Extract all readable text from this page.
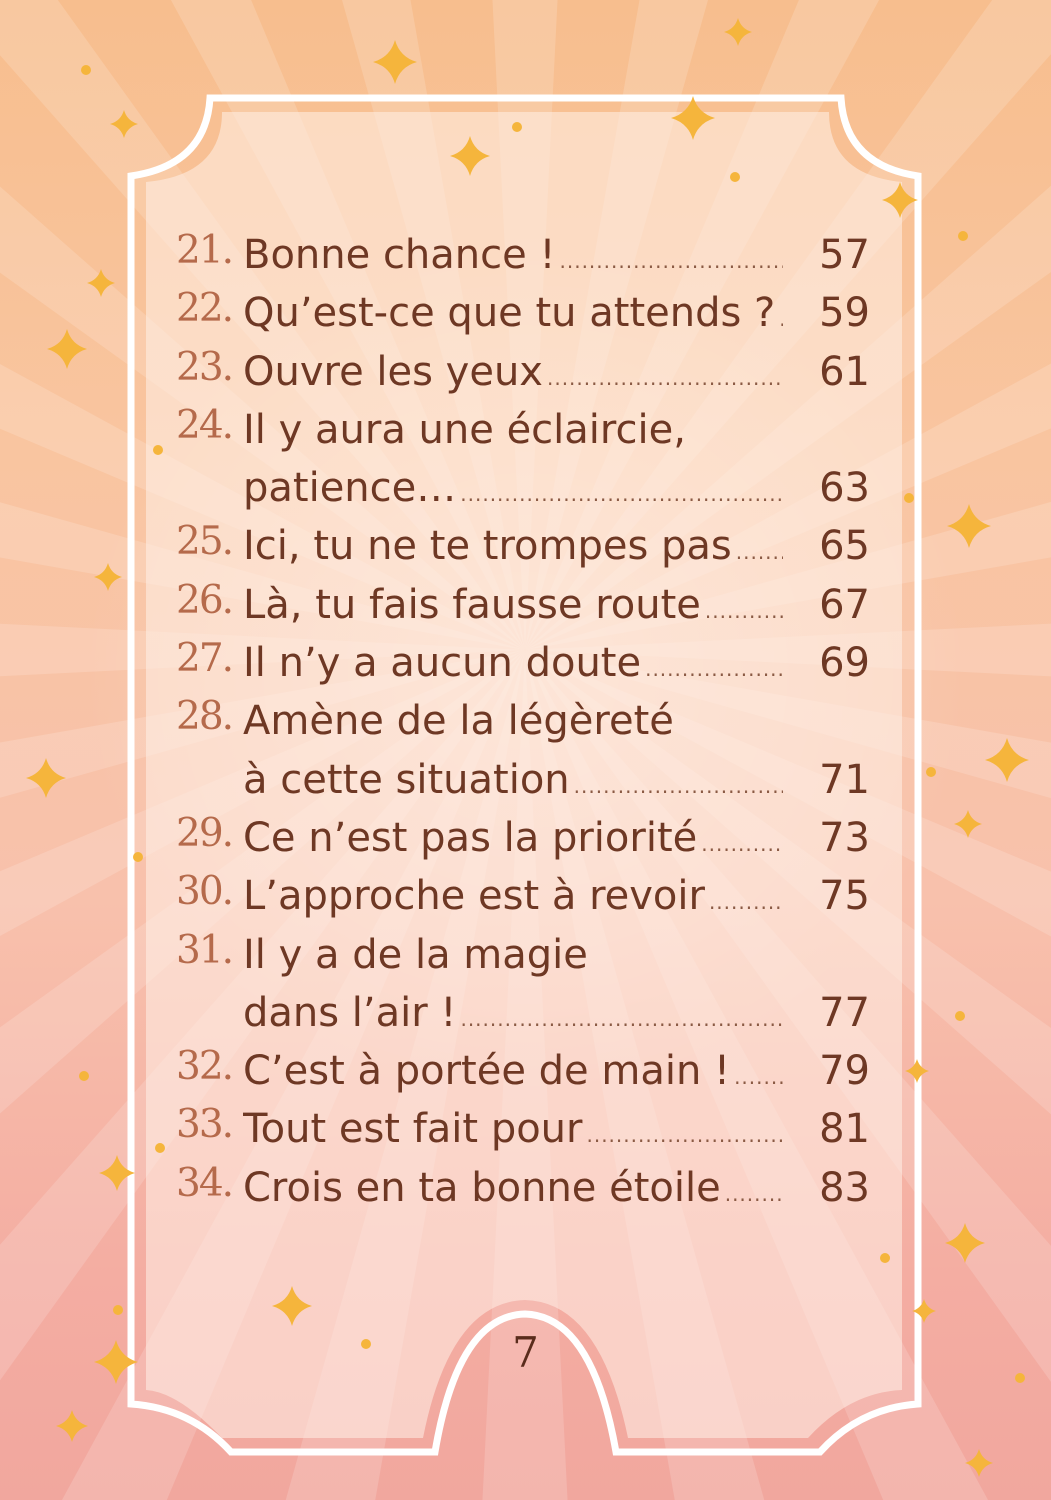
21. Bonne chance ! .....	57
22. Qu’est-ce que tu attends ? ..... 59
23. Ouvre les yeux .....	61
24. Il y aura une éclaircie,
patience… .....	63
25. Ici, tu ne te trompes pas ..... 65
26. Là, tu fais fausse route .....	67
27. Il n’y a aucun doute .....	69
28. Amène de la légèreté
à cette situation .....	71
29. Ce n’est pas la priorité .....	73
30. L’approche est à revoir .....	75
31. Il y a de la magie
dans l’air ! .....	77
32. C’est à portée de main ! ..... 79
33. Tout est fait pour .....	81
34. Crois en ta bonne étoile ..... 83
7
